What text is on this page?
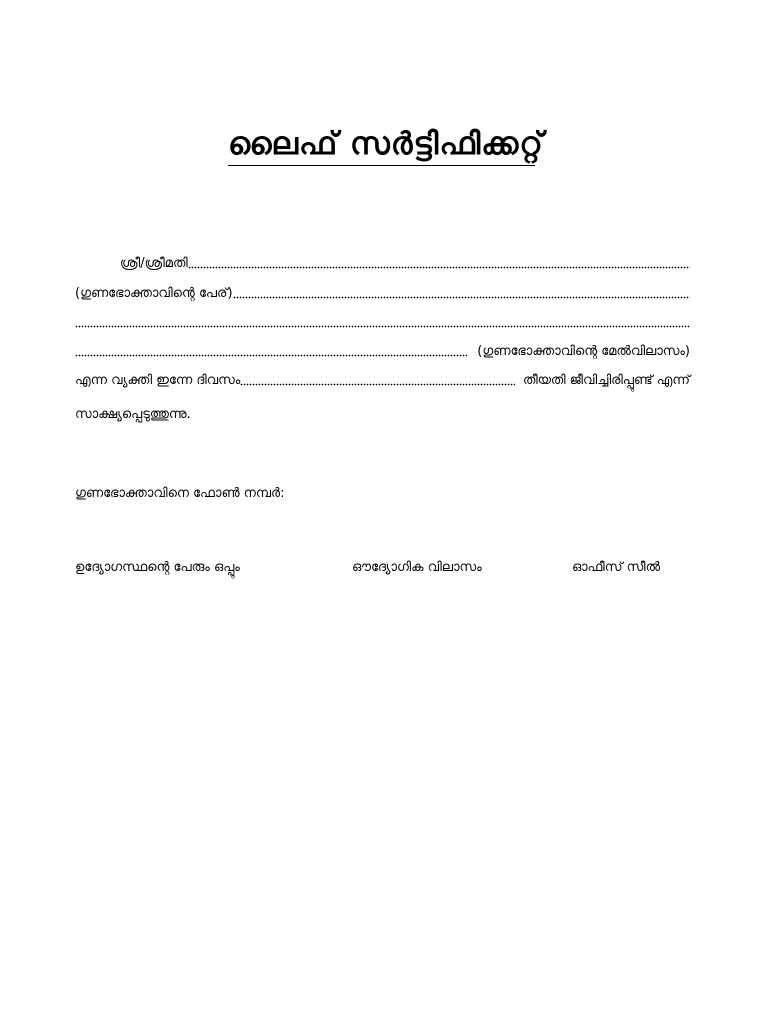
ലൈഫ് സർട്ടിഫിക്കറ്റ്
ശ്രീ/ശ്രീമതി
(ഗുണഭോക്താവിന്റെ പേര്)
(ഗുണഭോക്താവിന്റെ മേൽവിലാസം)
എന്ന വ്യക്തി ഇന്നേ ദിവസം	തീയതി ജീവിച്ചിരിപ്പുണ്ട് എന്ന്
സാക്ഷ്യപ്പെടുത്തുന്നു.
ഗുണഭോക്താവിനെ ഫോൺ നമ്പർ:
ഉദ്യോഗസ്ഥന്റെ പേരും ഒപ്പും	ഔദ്യോഗിക വിലാസം	ഓഫീസ് സീൽ
